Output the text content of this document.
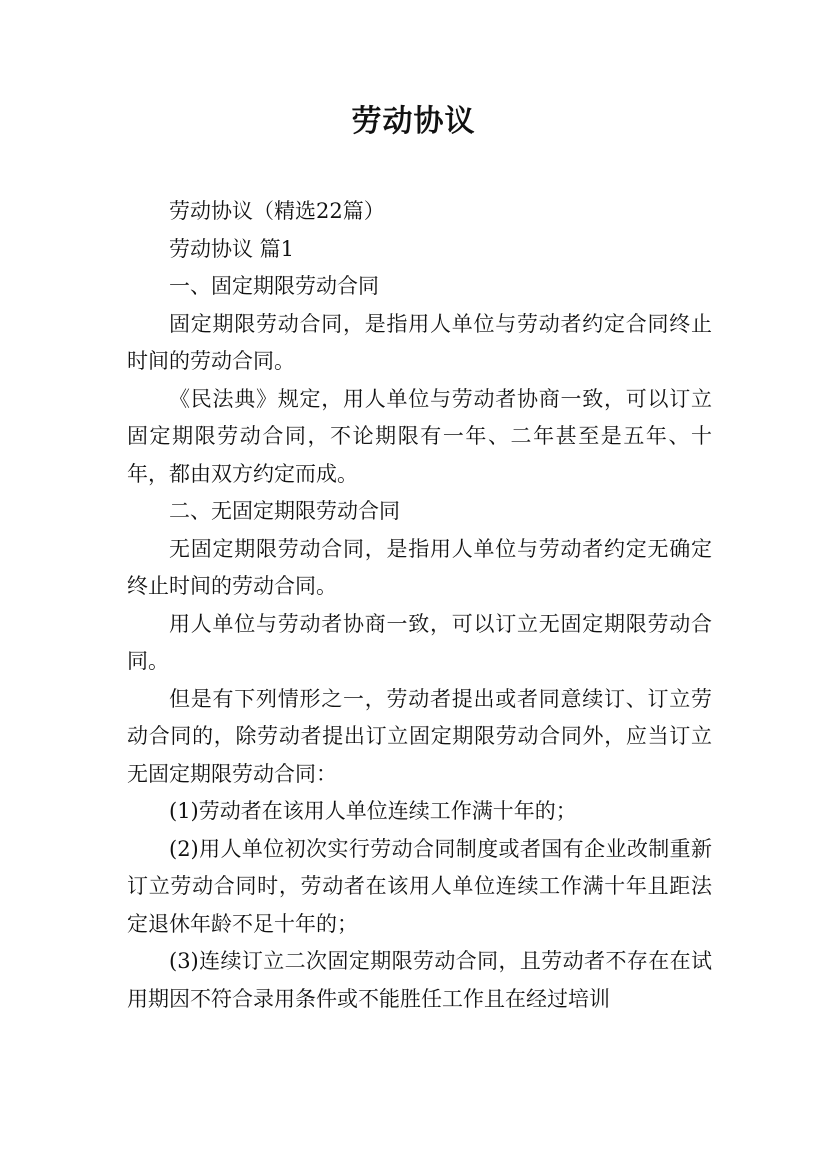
劳动协议

劳动协议（精选22篇）

劳动协议 篇1

一、固定期限劳动合同

固定期限劳动合同，是指用人单位与劳动者约定合同终止时间的劳动合同。

《民法典》规定，用人单位与劳动者协商一致，可以订立固定期限劳动合同，不论期限有一年、二年甚至是五年、十年，都由双方约定而成。

二、无固定期限劳动合同

无固定期限劳动合同，是指用人单位与劳动者约定无确定终止时间的劳动合同。

用人单位与劳动者协商一致，可以订立无固定期限劳动合同。

但是有下列情形之一，劳动者提出或者同意续订、订立劳动合同的，除劳动者提出订立固定期限劳动合同外，应当订立无固定期限劳动合同：

(1)劳动者在该用人单位连续工作满十年的；

(2)用人单位初次实行劳动合同制度或者国有企业改制重新订立劳动合同时，劳动者在该用人单位连续工作满十年且距法定退休年龄不足十年的；

(3)连续订立二次固定期限劳动合同，且劳动者不存在在试用期因不符合录用条件或不能胜任工作且在经过培训
